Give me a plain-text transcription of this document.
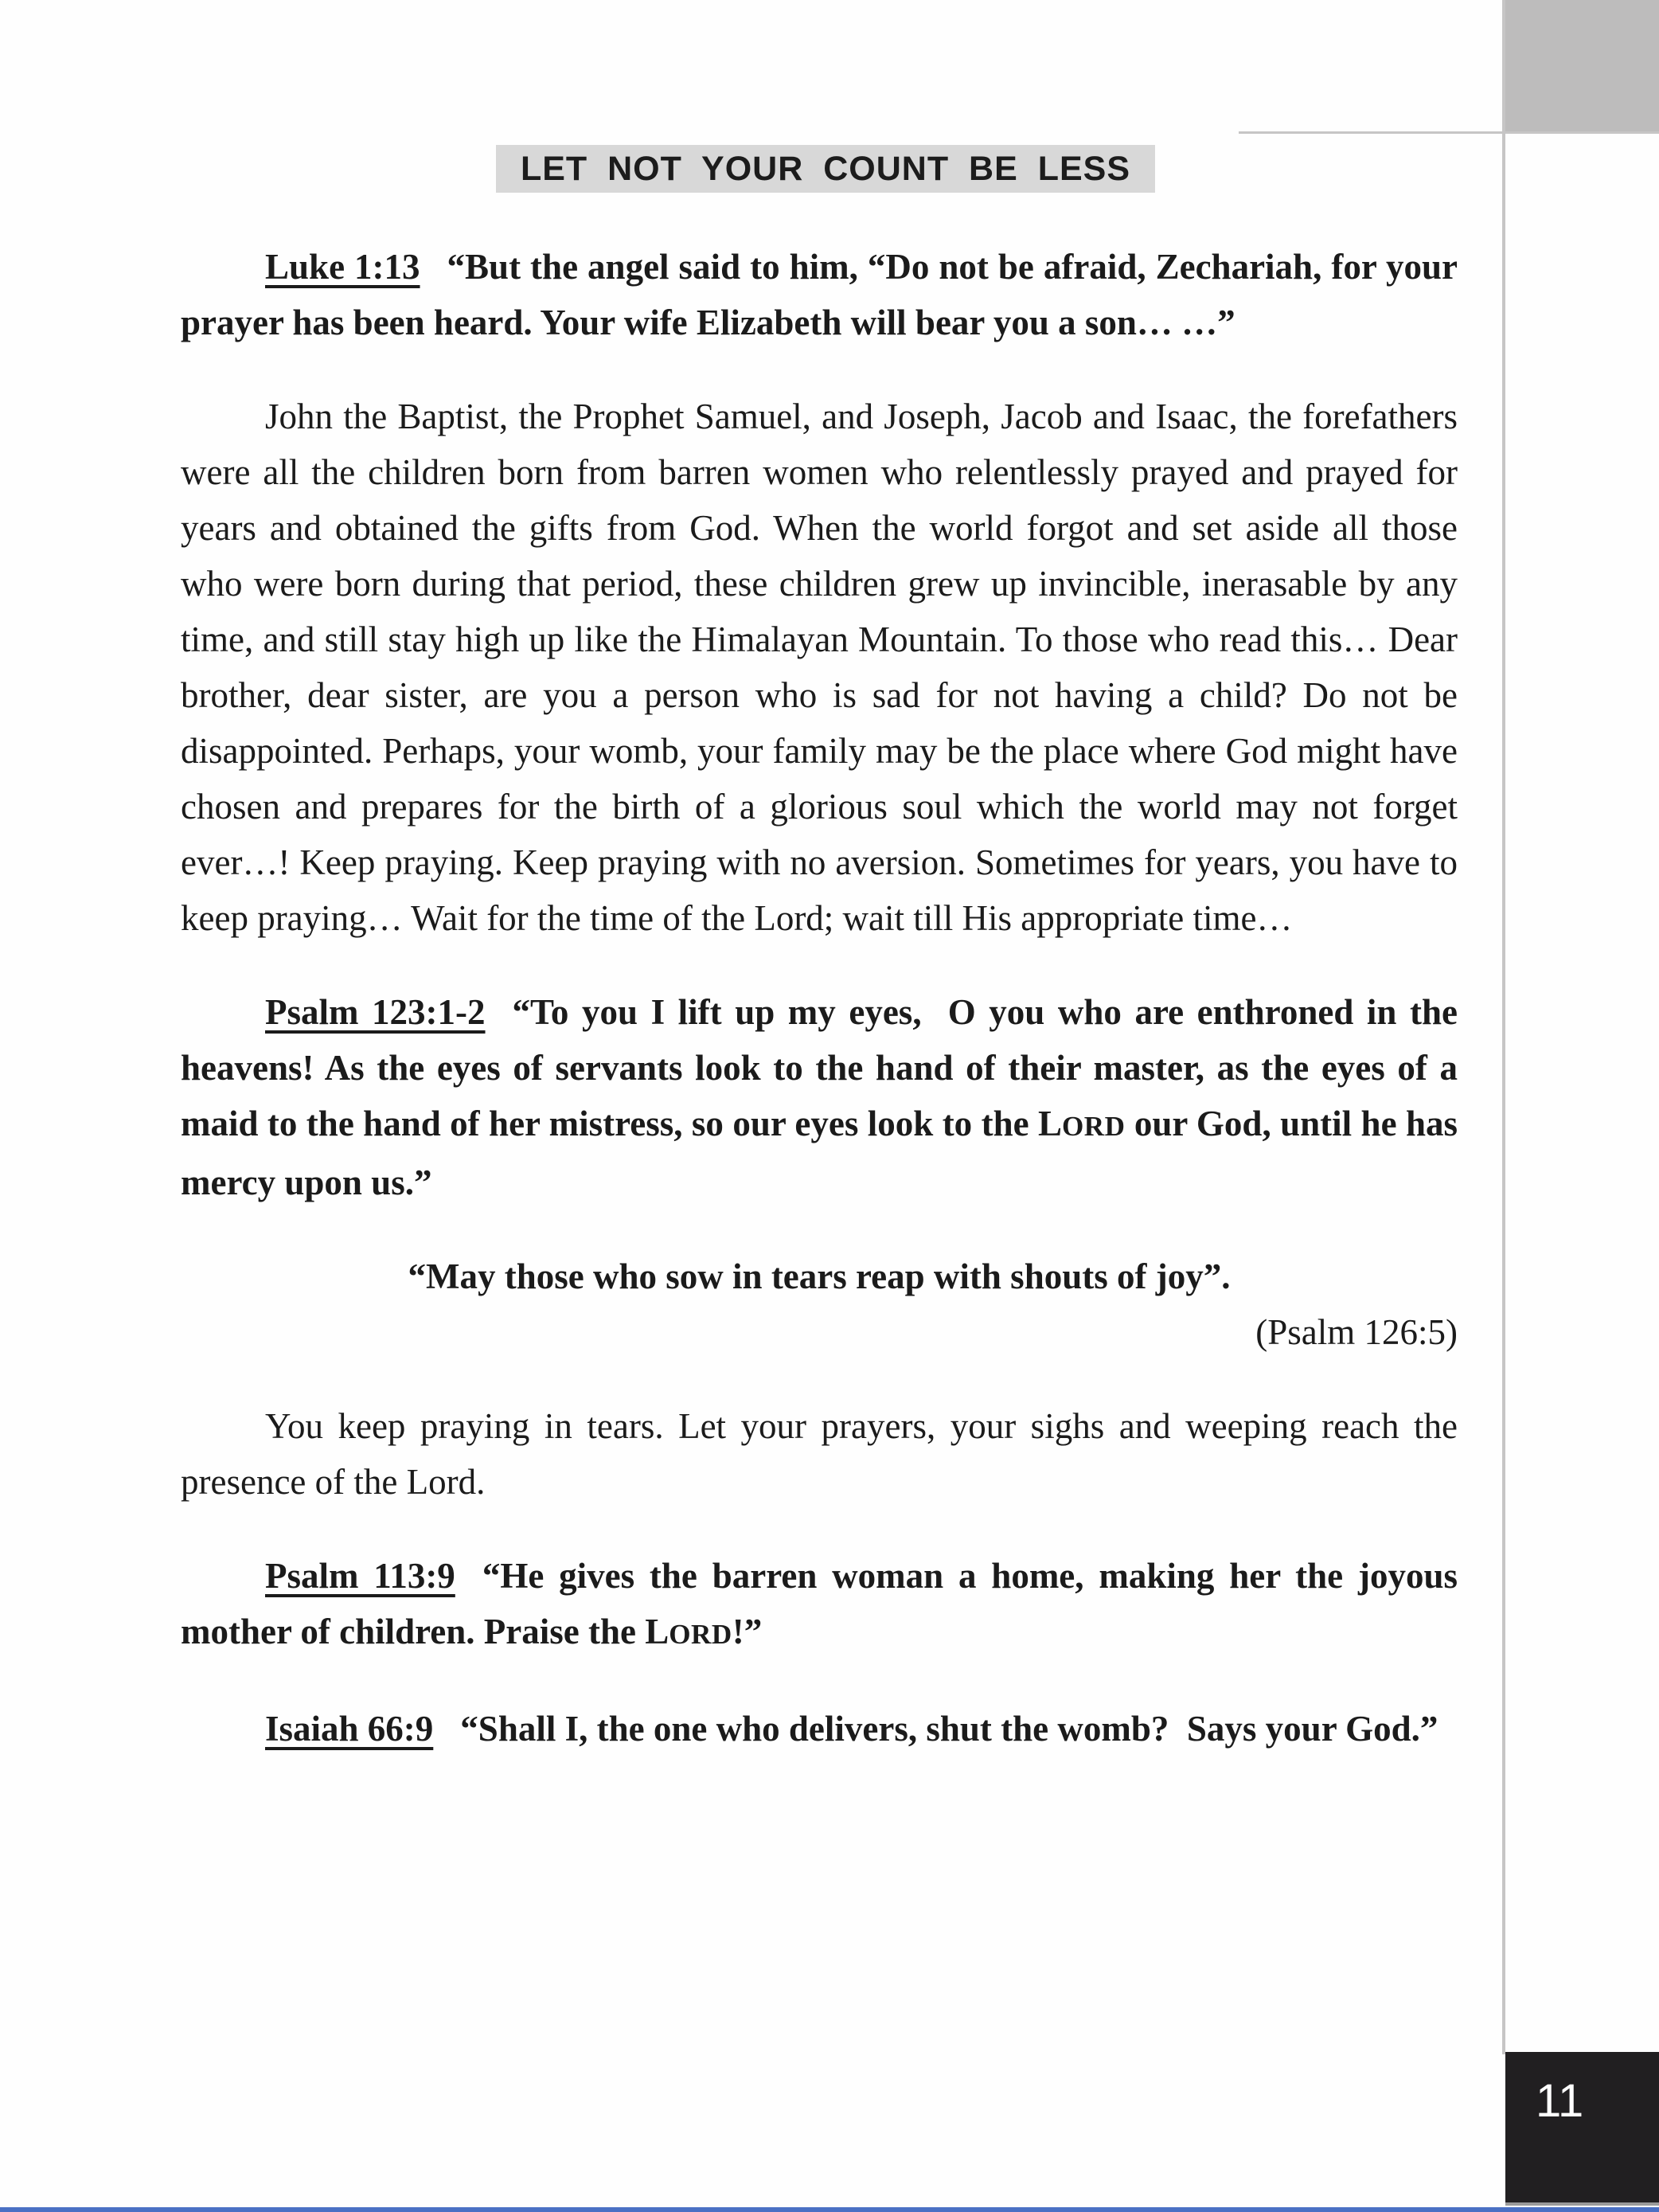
LET NOT YOUR COUNT BE LESS

Luke 1:13 “But the angel said to him, “Do not be afraid, Zechariah, for your prayer has been heard. Your wife Elizabeth will bear you a son… …”

John the Baptist, the Prophet Samuel, and Joseph, Jacob and Isaac, the forefathers were all the children born from barren women who relentlessly prayed and prayed for years and obtained the gifts from God. When the world forgot and set aside all those who were born during that period, these children grew up invincible, inerasable by any time, and still stay high up like the Himalayan Mountain. To those who read this… Dear brother, dear sister, are you a person who is sad for not having a child? Do not be disappointed. Perhaps, your womb, your family may be the place where God might have chosen and prepares for the birth of a glorious soul which the world may not forget ever…! Keep praying. Keep praying with no aversion. Sometimes for years, you have to keep praying… Wait for the time of the Lord; wait till His appropriate time…

Psalm 123:1-2 “To you I lift up my eyes,  O you who are enthroned in the heavens! As the eyes of servants look to the hand of their master, as the eyes of a maid to the hand of her mistress, so our eyes look to the LORD our God, until he has mercy upon us.”

“May those who sow in tears reap with shouts of joy”.

(Psalm 126:5)

You keep praying in tears. Let your prayers, your sighs and weeping reach the presence of the Lord.

Psalm 113:9 “He gives the barren woman a home, making her the joyous mother of children. Praise the LORD!”

Isaiah 66:9 “Shall I, the one who delivers, shut the womb?  Says your God.”

11
